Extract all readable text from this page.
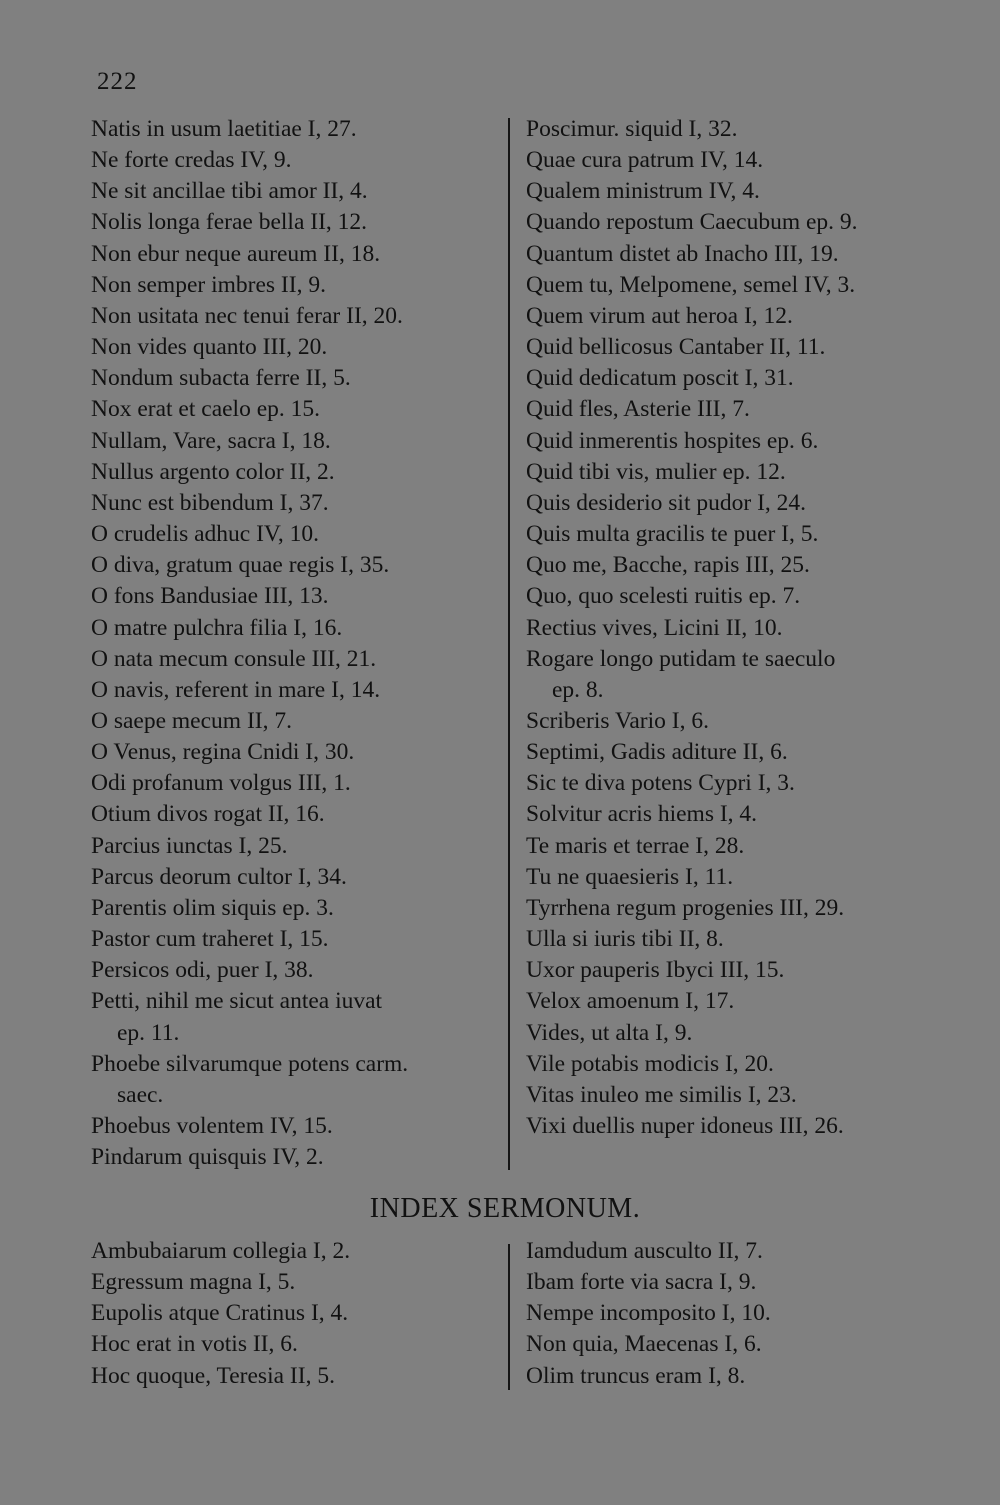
222
Natis in usum laetitiae I, 27.
Ne forte credas IV, 9.
Ne sit ancillae tibi amor II, 4.
Nolis longa ferae bella II, 12.
Non ebur neque aureum II, 18.
Non semper imbres II, 9.
Non usitata nec tenui ferar II, 20.
Non vides quanto III, 20.
Nondum subacta ferre II, 5.
Nox erat et caelo ep. 15.
Nullam, Vare, sacra I, 18.
Nullus argento color II, 2.
Nunc est bibendum I, 37.
O crudelis adhuc IV, 10.
O diva, gratum quae regis I, 35.
O fons Bandusiae III, 13.
O matre pulchra filia I, 16.
O nata mecum consule III, 21.
O navis, referent in mare I, 14.
O saepe mecum II, 7.
O Venus, regina Cnidi I, 30.
Odi profanum volgus III, 1.
Otium divos rogat II, 16.
Parcius iunctas I, 25.
Parcus deorum cultor I, 34.
Parentis olim siquis ep. 3.
Pastor cum traheret I, 15.
Persicos odi, puer I, 38.
Petti, nihil me sicut antea iuvat
ep. 11.
Phoebe silvarumque potens carm.
saec.
Phoebus volentem IV, 15.
Pindarum quisquis IV, 2.
Poscimur. siquid I, 32.
Quae cura patrum IV, 14.
Qualem ministrum IV, 4.
Quando repostum Caecubum ep. 9.
Quantum distet ab Inacho III, 19.
Quem tu, Melpomene, semel IV, 3.
Quem virum aut heroa I, 12.
Quid bellicosus Cantaber II, 11.
Quid dedicatum poscit I, 31.
Quid fles, Asterie III, 7.
Quid inmerentis hospites ep. 6.
Quid tibi vis, mulier ep. 12.
Quis desiderio sit pudor I, 24.
Quis multa gracilis te puer I, 5.
Quo me, Bacche, rapis III, 25.
Quo, quo scelesti ruitis ep. 7.
Rectius vives, Licini II, 10.
Rogare longo putidam te saeculo
ep. 8.
Scriberis Vario I, 6.
Septimi, Gadis aditure II, 6.
Sic te diva potens Cypri I, 3.
Solvitur acris hiems I, 4.
Te maris et terrae I, 28.
Tu ne quaesieris I, 11.
Tyrrhena regum progenies III, 29.
Ulla si iuris tibi II, 8.
Uxor pauperis Ibyci III, 15.
Velox amoenum I, 17.
Vides, ut alta I, 9.
Vile potabis modicis I, 20.
Vitas inuleo me similis I, 23.
Vixi duellis nuper idoneus III, 26.
INDEX SERMONUM.
Ambubaiarum collegia I, 2.
Egressum magna I, 5.
Eupolis atque Cratinus I, 4.
Hoc erat in votis II, 6.
Hoc quoque, Teresia II, 5.
Iamdudum ausculto II, 7.
Ibam forte via sacra I, 9.
Nempe incomposito I, 10.
Non quia, Maecenas I, 6.
Olim truncus eram I, 8.
